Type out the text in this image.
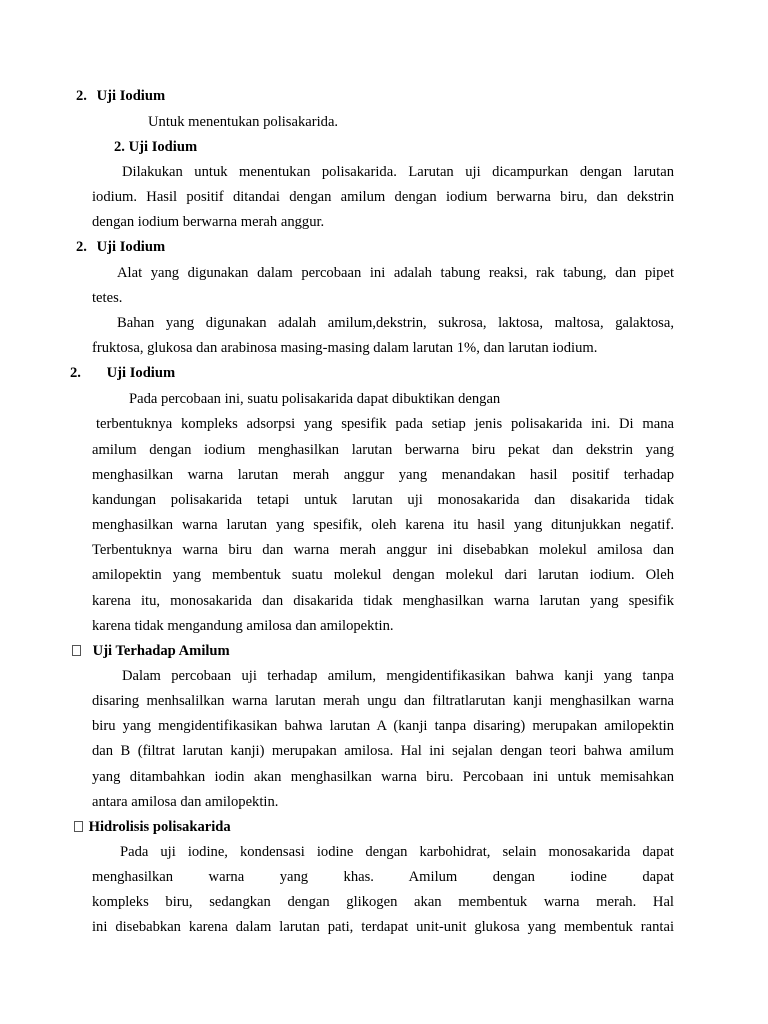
2. Uji Iodium
Untuk menentukan polisakarida.
2. Uji Iodium
Dilakukan untuk menentukan polisakarida. Larutan uji dicampurkan dengan larutan
iodium. Hasil positif ditandai dengan amilum dengan iodium berwarna biru, dan dekstrin
dengan iodium berwarna merah anggur.
2. Uji Iodium
Alat yang digunakan dalam percobaan ini adalah tabung reaksi, rak tabung, dan pipet
tetes.
Bahan yang digunakan adalah amilum,dekstrin, sukrosa, laktosa, maltosa, galaktosa,
fruktosa, glukosa dan arabinosa masing-masing dalam larutan 1%, dan larutan iodium.
2. Uji Iodium
Pada percobaan ini, suatu polisakarida dapat dibuktikan dengan
terbentuknya kompleks adsorpsi yang spesifik pada setiap jenis polisakarida ini. Di mana
amilum dengan iodium menghasilkan larutan berwarna biru pekat dan dekstrin yang
menghasilkan warna larutan merah anggur yang menandakan hasil positif terhadap
kandungan polisakarida tetapi untuk larutan uji monosakarida dan disakarida tidak
menghasilkan warna larutan yang spesifik, oleh karena itu hasil yang ditunjukkan negatif.
Terbentuknya warna biru dan warna merah anggur ini disebabkan molekul amilosa dan
amilopektin yang membentuk suatu molekul dengan molekul dari larutan iodium. Oleh
karena itu, monosakarida dan disakarida tidak menghasilkan warna larutan yang spesifik
karena tidak mengandung amilosa dan amilopektin.
Uji Terhadap Amilum
Dalam percobaan uji terhadap amilum, mengidentifikasikan bahwa kanji yang tanpa
disaring menhsalilkan warna larutan merah ungu dan filtratlarutan kanji menghasilkan warna
biru yang mengidentifikasikan bahwa larutan A (kanji tanpa disaring) merupakan amilopektin
dan B (filtrat larutan kanji) merupakan amilosa. Hal ini sejalan dengan teori bahwa amilum
yang ditambahkan iodin akan menghasilkan warna biru. Percobaan ini untuk memisahkan
antara amilosa dan amilopektin.
Hidrolisis polisakarida
Pada uji iodine, kondensasi iodine dengan karbohidrat, selain monosakarida dapat
menghasilkan warna yang khas. Amilum dengan iodine dapat
kompleks biru, sedangkan dengan glikogen akan membentuk warna merah. Hal
ini disebabkan karena dalam larutan pati, terdapat unit-unit glukosa yang membentuk rantai
